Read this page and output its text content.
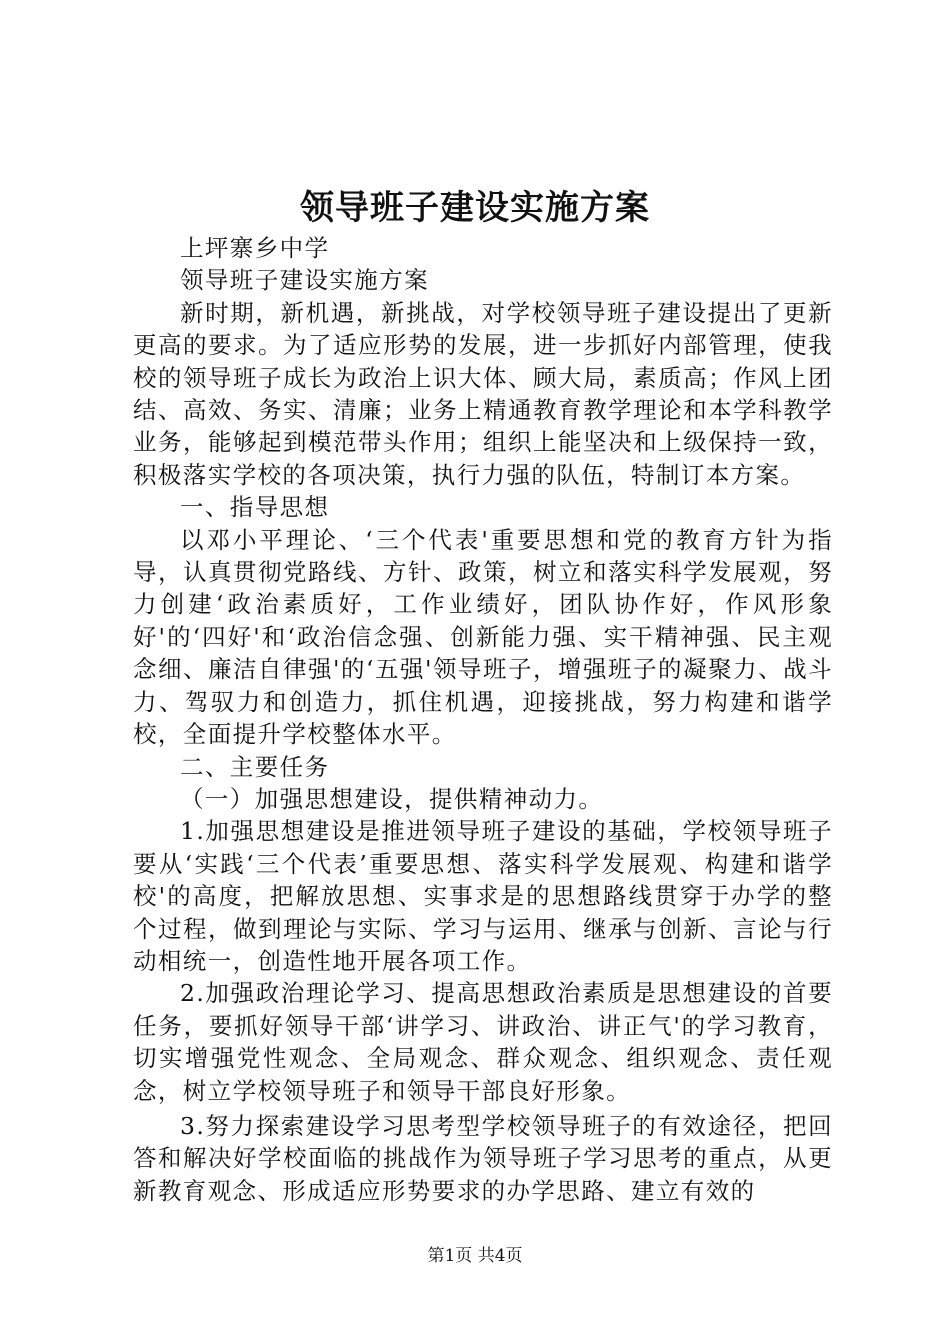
领导班子建设实施方案

上坪寨乡中学

领导班子建设实施方案

新时期，新机遇，新挑战，对学校领导班子建设提出了更新更高的要求。为了适应形势的发展，进一步抓好内部管理，使我校的领导班子成长为政治上识大体、顾大局，素质高；作风上团结、高效、务实、清廉；业务上精通教育教学理论和本学科教学业务，能够起到模范带头作用；组织上能坚决和上级保持一致，积极落实学校的各项决策，执行力强的队伍，特制订本方案。

一、指导思想

以邓小平理论、‘三个代表'重要思想和党的教育方针为指导，认真贯彻党路线、方针、政策，树立和落实科学发展观，努力创建‘政治素质好，工作业绩好，团队协作好，作风形象好'的‘四好'和‘政治信念强、创新能力强、实干精神强、民主观念细、廉洁自律强'的‘五强'领导班子，增强班子的凝聚力、战斗力、驾驭力和创造力，抓住机遇，迎接挑战，努力构建和谐学校，全面提升学校整体水平。

二、主要任务

（一）加强思想建设，提供精神动力。

1.加强思想建设是推进领导班子建设的基础，学校领导班子要从‘实践‘三个代表’重要思想、落实科学发展观、构建和谐学校'的高度，把解放思想、实事求是的思想路线贯穿于办学的整个过程，做到理论与实际、学习与运用、继承与创新、言论与行动相统一，创造性地开展各项工作。

2.加强政治理论学习、提高思想政治素质是思想建设的首要任务，要抓好领导干部‘讲学习、讲政治、讲正气'的学习教育，切实增强党性观念、全局观念、群众观念、组织观念、责任观念，树立学校领导班子和领导干部良好形象。

3.努力探索建设学习思考型学校领导班子的有效途径，把回答和解决好学校面临的挑战作为领导班子学习思考的重点，从更新教育观念、形成适应形势要求的办学思路、建立有效的

第1页 共4页
